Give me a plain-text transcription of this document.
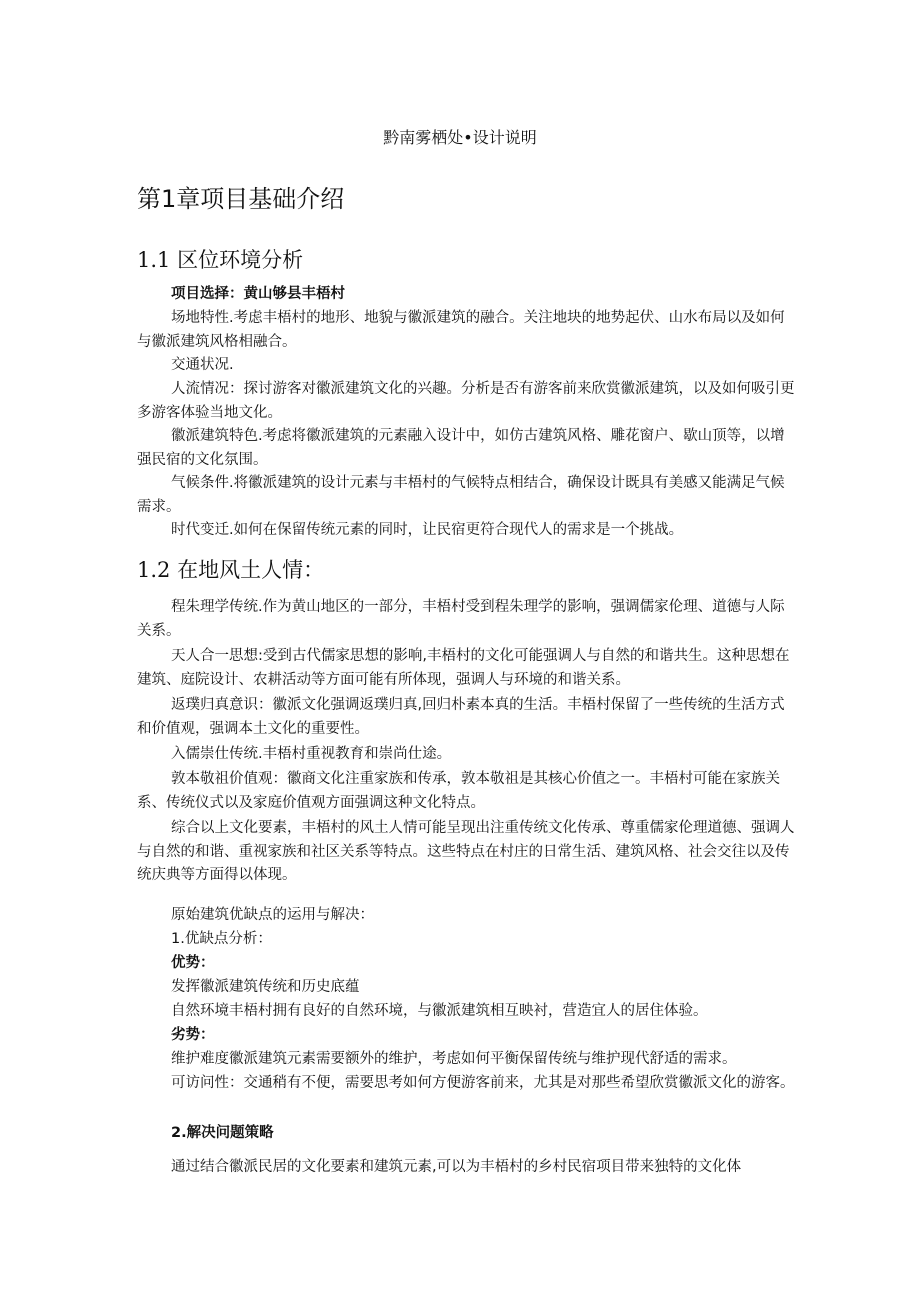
黔南雾栖处•设计说明
第1章项目基础介绍
1.1 区位环境分析

项目选择：黄山够县丰梧村

场地特性.考虑丰梧村的地形、地貌与徽派建筑的融合。关注地块的地势起伏、山水布局以及如何与徽派建筑风格相融合。

交通状况.

人流情况：探讨游客对徽派建筑文化的兴趣。分析是否有游客前来欣赏徽派建筑，以及如何吸引更多游客体验当地文化。

徽派建筑特色.考虑将徽派建筑的元素融入设计中，如仿古建筑风格、雕花窗户、歇山顶等，以增强民宿的文化氛围。

气候条件.将徽派建筑的设计元素与丰梧村的气候特点相结合，确保设计既具有美感又能满足气候需求。

时代变迁.如何在保留传统元素的同时，让民宿更符合现代人的需求是一个挑战。

1.2 在地风土人情：

程朱理学传统.作为黄山地区的一部分，丰梧村受到程朱理学的影响，强调儒家伦理、道德与人际关系。

天人合一思想:受到古代儒家思想的影响,丰梧村的文化可能强调人与自然的和谐共生。这种思想在建筑、庭院设计、农耕活动等方面可能有所体现，强调人与环境的和谐关系。

返璞归真意识：徽派文化强调返璞归真,回归朴素本真的生活。丰梧村保留了一些传统的生活方式和价值观，强调本土文化的重要性。

入儒崇仕传统.丰梧村重视教育和崇尚仕途。

敦本敬祖价值观：徽商文化注重家族和传承，敦本敬祖是其核心价值之一。丰梧村可能在家族关系、传统仪式以及家庭价值观方面强调这种文化特点。

综合以上文化要素，丰梧村的风土人情可能呈现出注重传统文化传承、尊重儒家伦理道德、强调人与自然的和谐、重视家族和社区关系等特点。这些特点在村庄的日常生活、建筑风格、社会交往以及传统庆典等方面得以体现。

原始建筑优缺点的运用与解决：

1.优缺点分析：

优势：

发挥徽派建筑传统和历史底蕴

自然环境丰梧村拥有良好的自然环境，与徽派建筑相互映衬，营造宜人的居住体验。

劣势：

维护难度徽派建筑元素需要额外的维护，考虑如何平衡保留传统与维护现代舒适的需求。

可访问性：交通稍有不便，需要思考如何方便游客前来，尤其是对那些希望欣赏徽派文化的游客。

2.解决问题策略

通过结合徽派民居的文化要素和建筑元素,可以为丰梧村的乡村民宿项目带来独特的文化体
